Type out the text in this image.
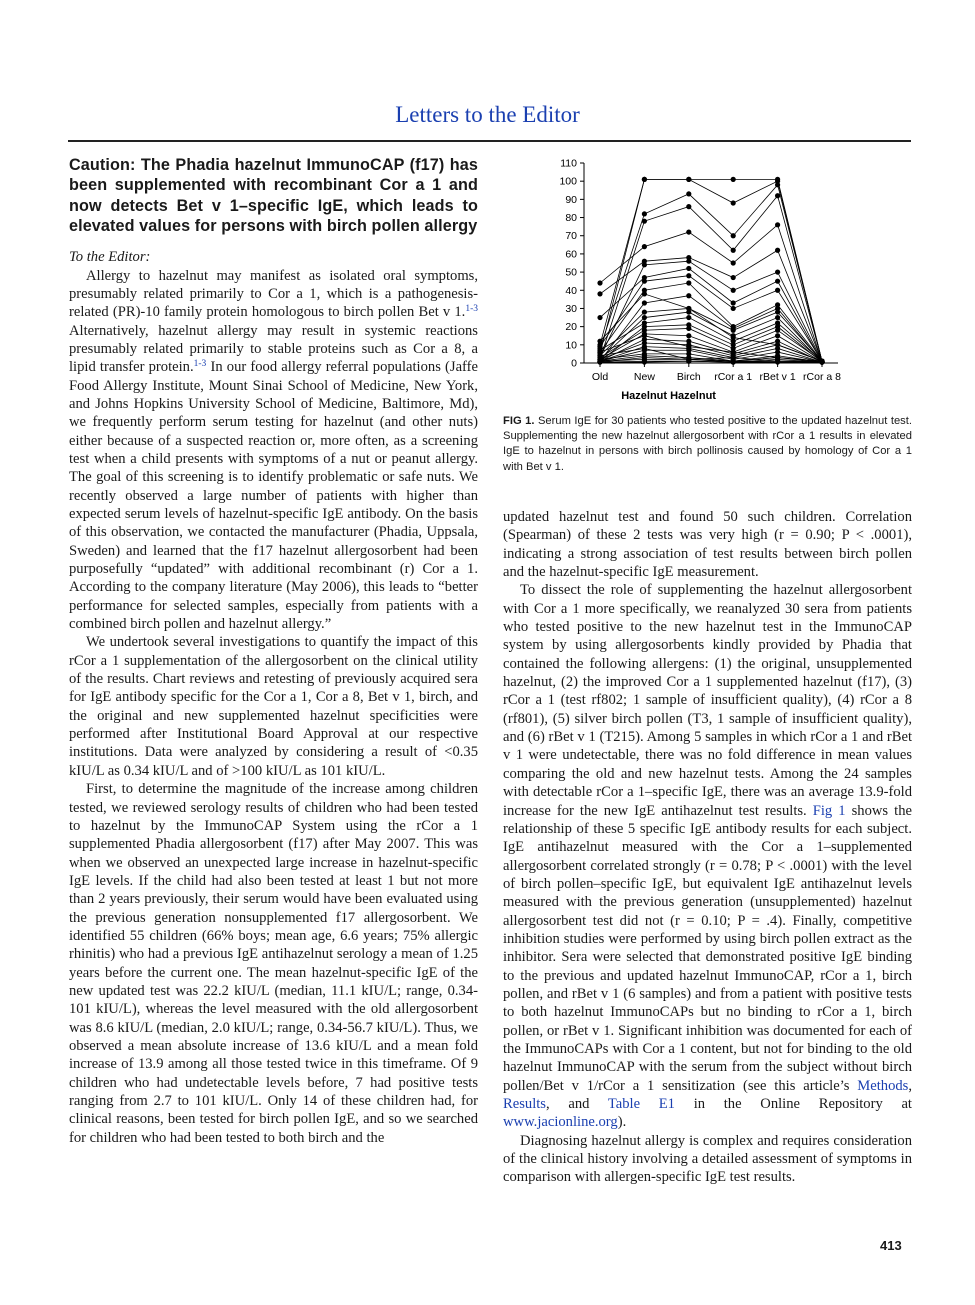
Letters to the Editor
Caution: The Phadia hazelnut ImmunoCAP (f17) has been supplemented with recombinant Cor a 1 and now detects Bet v 1–specific IgE, which leads to elevated values for persons with birch pollen allergy

To the Editor:

Allergy to hazelnut may manifest as isolated oral symptoms, presumably related primarily to Cor a 1, which is a pathogenesis-related (PR)-10 family protein homologous to birch pollen Bet v 1.$^{1-3}$ Alternatively, hazelnut allergy may result in systemic reactions presumably related primarily to stable proteins such as Cor a 8, a lipid transfer protein.$^{1-3}$ In our food allergy referral populations (Jaffe Food Allergy Institute, Mount Sinai School of Medicine, New York, and Johns Hopkins University School of Medicine, Baltimore, Md), we frequently perform serum testing for hazelnut (and other nuts) either because of a suspected reaction or, more often, as a screening test when a child presents with symptoms of a nut or peanut allergy. The goal of this screening is to identify problematic or safe nuts. We recently observed a large number of patients with higher than expected serum levels of hazelnut-specific IgE antibody. On the basis of this observation, we contacted the manufacturer (Phadia, Uppsala, Sweden) and learned that the f17 hazelnut allergosorbent had been purposefully “updated” with additional recombinant (r) Cor a 1. According to the company literature (May 2006), this leads to “better performance for selected samples, especially from patients with a combined birch pollen and hazelnut allergy.”

We undertook several investigations to quantify the impact of this rCor a 1 supplementation of the allergosorbent on the clinical utility of the results. Chart reviews and retesting of previously acquired sera for IgE antibody specific for the Cor a 1, Cor a 8, Bet v 1, birch, and the original and new supplemented hazelnut specificities were performed after Institutional Board Approval at our respective institutions. Data were analyzed by considering a result of <0.35 kIU/L as 0.34 kIU/L and of >100 kIU/L as 101 kIU/L.

First, to determine the magnitude of the increase among children tested, we reviewed serology results of children who had been tested to hazelnut by the ImmunoCAP System using the rCor a 1 supplemented Phadia allergosorbent (f17) after May 2007. This was when we observed an unexpected large increase in hazelnut-specific IgE levels. If the child had also been tested at least 1 but not more than 2 years previously, their serum would have been evaluated using the previous generation nonsupplemented f17 allergosorbent. We identified 55 children (66% boys; mean age, 6.6 years; 75% allergic rhinitis) who had a previous IgE antihazelnut serology a mean of 1.25 years before the current one. The mean hazelnut-specific IgE of the new updated test was 22.2 kIU/L (median, 11.1 kIU/L; range, 0.34-101 kIU/L), whereas the level measured with the old allergosorbent was 8.6 kIU/L (median, 2.0 kIU/L; range, 0.34-56.7 kIU/L). Thus, we observed a mean absolute increase of 13.6 kIU/L and a mean fold increase of 13.9 among all those tested twice in this timeframe. Of 9 children who had undetectable levels before, 7 had positive tests ranging from 2.7 to 101 kIU/L. Only 14 of these children had, for clinical reasons, been tested for birch pollen IgE, and so we searched for children who had been tested to both birch and the

0
10
20
30
40
50
60
70
80
90
100
110
Old New Birch rCor a 1 rBet v 1 rCor a 8
Hazelnut Hazelnut
FIG 1. Serum IgE for 30 patients who tested positive to the updated hazelnut test. Supplementing the new hazelnut allergosorbent with rCor a 1 results in elevated IgE to hazelnut in persons with birch pollinosis caused by homology of Cor a 1 with Bet v 1.

updated hazelnut test and found 50 such children. Correlation (Spearman) of these 2 tests was very high (r = 0.90; P < .0001), indicating a strong association of test results between birch pollen and the hazelnut-specific IgE measurement.

To dissect the role of supplementing the hazelnut allergosorbent with Cor a 1 more specifically, we reanalyzed 30 sera from patients who tested positive to the new hazelnut test in the ImmunoCAP system by using allergosorbents kindly provided by Phadia that contained the following allergens: (1) the original, unsupplemented hazelnut, (2) the improved Cor a 1 supplemented hazelnut (f17), (3) rCor a 1 (test rf802; 1 sample of insufficient quality), (4) rCor a 8 (rf801), (5) silver birch pollen (T3, 1 sample of insufficient quality), and (6) rBet v 1 (T215). Among 5 samples in which rCor a 1 and rBet v 1 were undetectable, there was no fold difference in mean values comparing the old and new hazelnut tests. Among the 24 samples with detectable rCor a 1–specific IgE, there was an average 13.9-fold increase for the new IgE antihazelnut test results. Fig 1 shows the relationship of these 5 specific IgE antibody results for each subject. IgE antihazelnut measured with the Cor a 1–supplemented allergosorbent correlated strongly (r = 0.78; P < .0001) with the level of birch pollen–specific IgE, but equivalent IgE antihazelnut levels measured with the previous generation (unsupplemented) hazelnut allergosorbent test did not (r = 0.10; P = .4). Finally, competitive inhibition studies were performed by using birch pollen extract as the inhibitor. Sera were selected that demonstrated positive IgE binding to the previous and updated hazelnut ImmunoCAP, rCor a 1, birch pollen, and rBet v 1 (6 samples) and from a patient with positive tests to both hazelnut ImmunoCAPs but no binding to rCor a 1, birch pollen, or rBet v 1. Significant inhibition was documented for each of the ImmunoCAPs with Cor a 1 content, but not for binding to the old hazelnut ImmunoCAP with the serum from the subject without birch pollen/Bet v 1/rCor a 1 sensitization (see this article’s Methods, Results, and Table E1 in the Online Repository at www.jacionline.org).

Diagnosing hazelnut allergy is complex and requires consideration of the clinical history involving a detailed assessment of symptoms in comparison with allergen-specific IgE test results.

413
